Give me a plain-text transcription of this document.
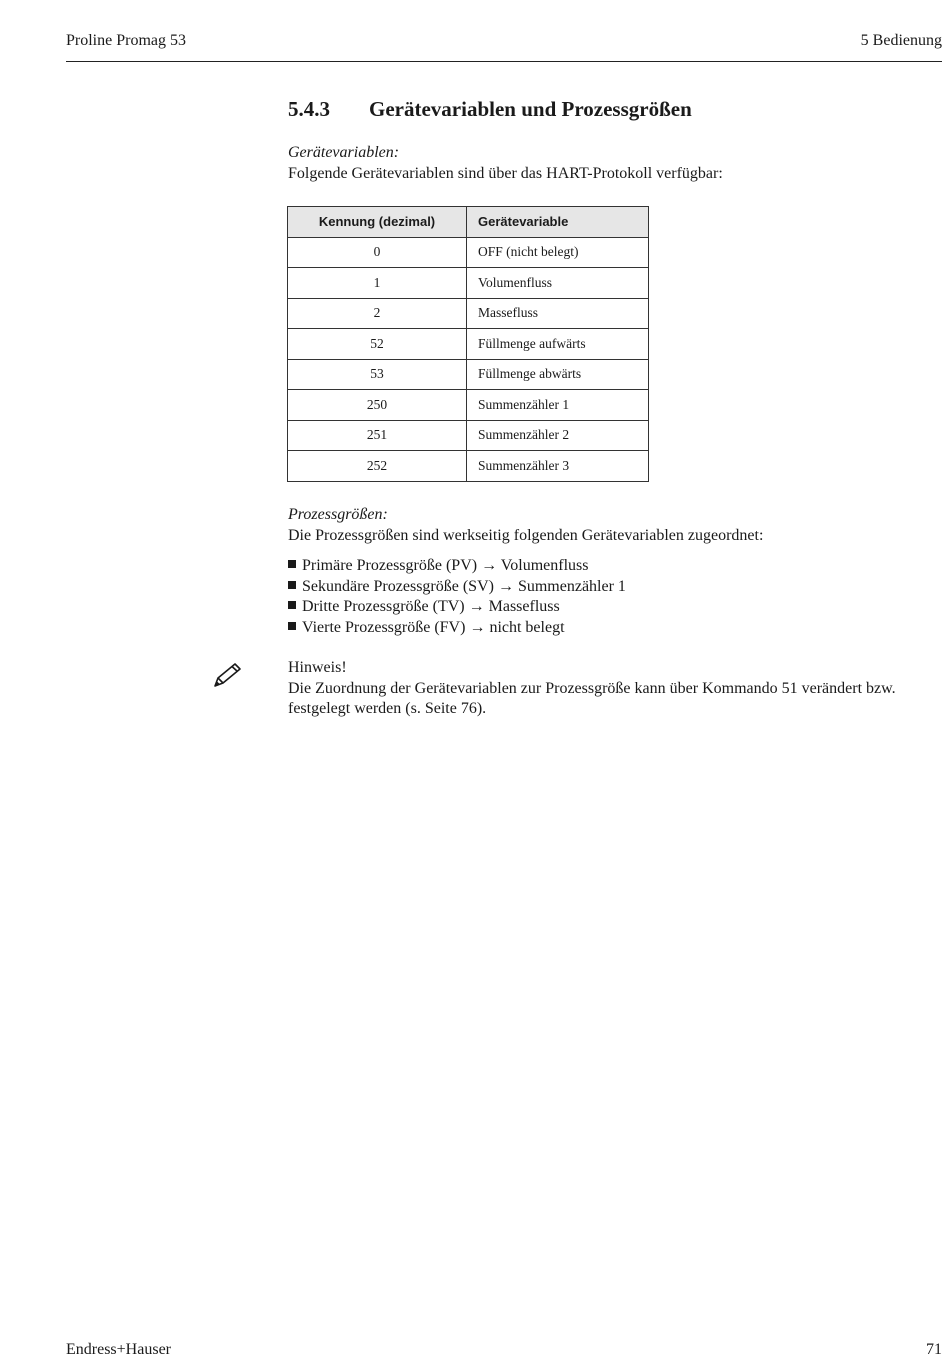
Proline Promag 53	5 Bedienung
5.4.3 Gerätevariablen und Prozessgrößen
Gerätevariablen:
Folgende Gerätevariablen sind über das HART-Protokoll verfügbar:
Kennung (dezimal)	Gerätevariable
0	OFF (nicht belegt)
1	Volumenfluss
2	Massefluss
52	Füllmenge aufwärts
53	Füllmenge abwärts
250	Summenzähler 1
251	Summenzähler 2
252	Summenzähler 3
Prozessgrößen:
Die Prozessgrößen sind werkseitig folgenden Gerätevariablen zugeordnet:
Primäre Prozessgröße (PV) → Volumenfluss
Sekundäre Prozessgröße (SV) → Summenzähler 1
Dritte Prozessgröße (TV) → Massefluss
Vierte Prozessgröße (FV) → nicht belegt
Hinweis!
Die Zuordnung der Gerätevariablen zur Prozessgröße kann über Kommando 51 verändert bzw. festgelegt werden (s. Seite 76).
Endress+Hauser	71
